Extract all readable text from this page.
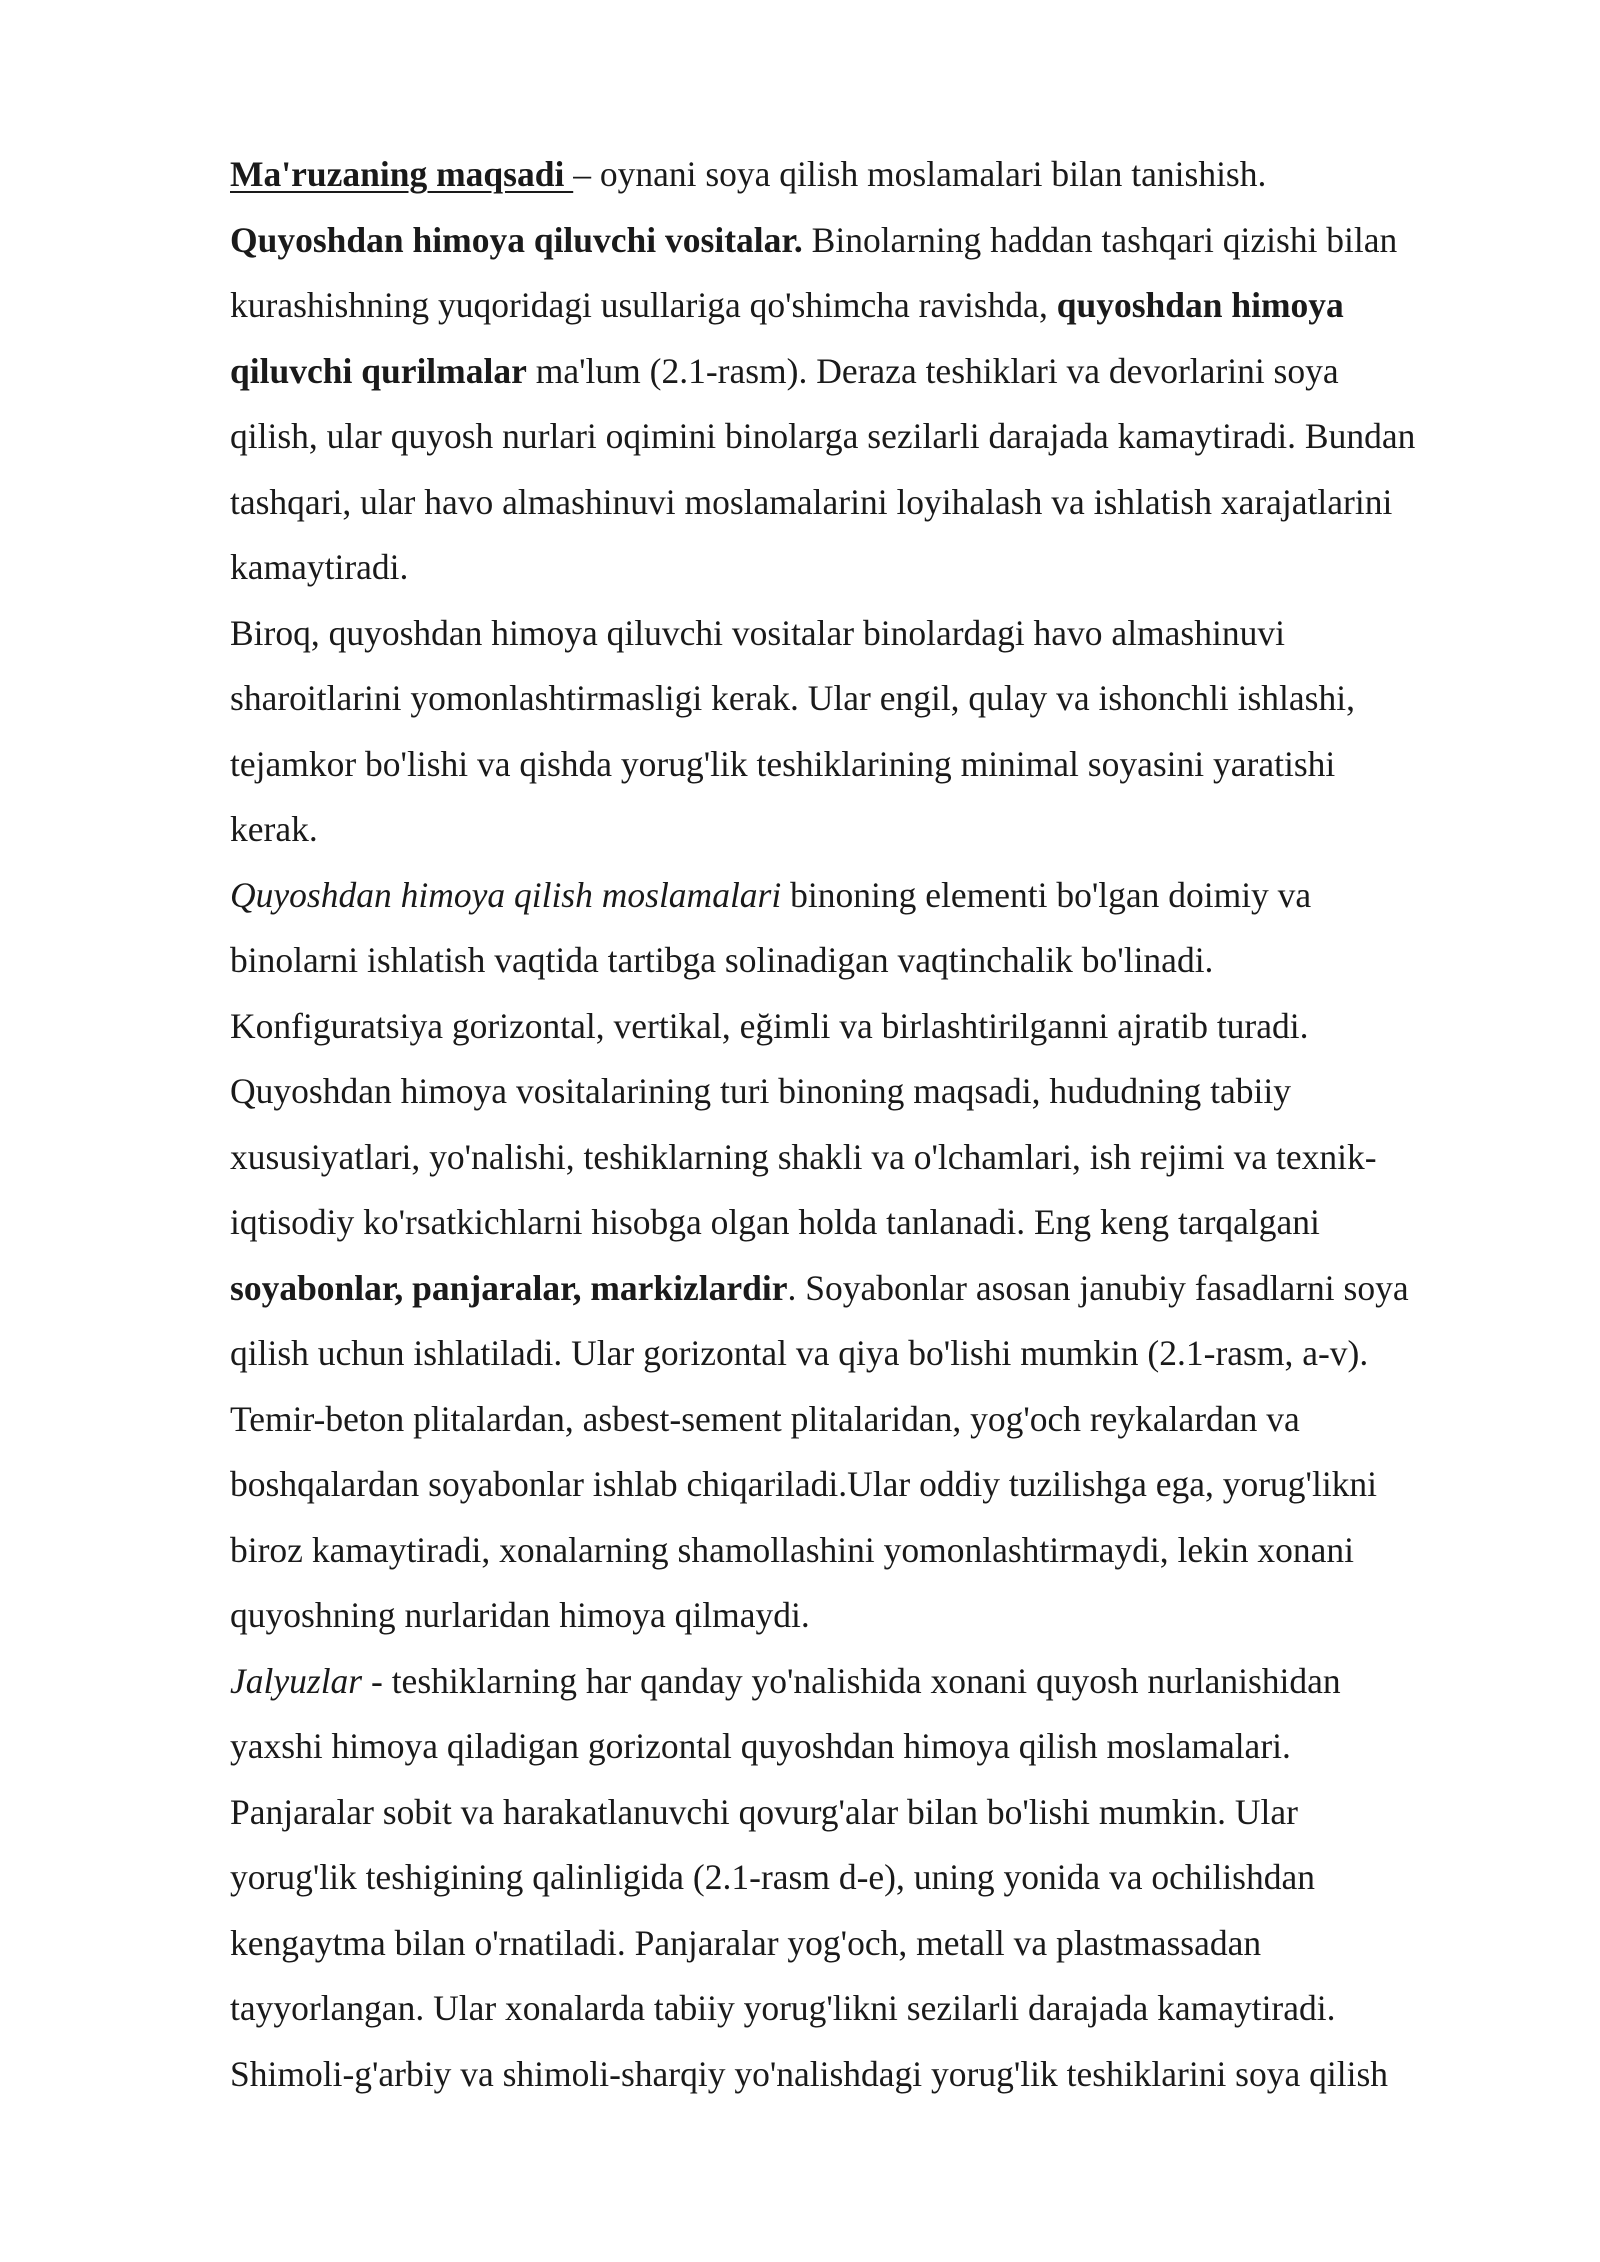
Ma'ruzaning maqsadi – oynani soya qilish moslamalari bilan tanishish.
Quyoshdan himoya qiluvchi vositalar. Binolarning haddan tashqari qizishi bilan
kurashishning yuqoridagi usullariga qo'shimcha ravishda, quyoshdan himoya
qiluvchi qurilmalar ma'lum (2.1-rasm). Deraza teshiklari va devorlarini soya
qilish, ular quyosh nurlari oqimini binolarga sezilarli darajada kamaytiradi. Bundan
tashqari, ular havo almashinuvi moslamalarini loyihalash va ishlatish xarajatlarini
kamaytiradi.
Biroq, quyoshdan himoya qiluvchi vositalar binolardagi havo almashinuvi
sharoitlarini yomonlashtirmasligi kerak. Ular engil, qulay va ishonchli ishlashi,
tejamkor bo'lishi va qishda yorug'lik teshiklarining minimal soyasini yaratishi
kerak.
Quyoshdan himoya qilish moslamalari binoning elementi bo'lgan doimiy va
binolarni ishlatish vaqtida tartibga solinadigan vaqtinchalik bo'linadi.
Konfiguratsiya gorizontal, vertikal, eğimli va birlashtirilganni ajratib turadi.
Quyoshdan himoya vositalarining turi binoning maqsadi, hududning tabiiy
xususiyatlari, yo'nalishi, teshiklarning shakli va o'lchamlari, ish rejimi va texnik-
iqtisodiy ko'rsatkichlarni hisobga olgan holda tanlanadi. Eng keng tarqalgani
soyabonlar, panjaralar, markizlardir. Soyabonlar asosan janubiy fasadlarni soya
qilish uchun ishlatiladi. Ular gorizontal va qiya bo'lishi mumkin (2.1-rasm, a-v).
Temir-beton plitalardan, asbest-sement plitalaridan, yog'och reykalardan va
boshqalardan soyabonlar ishlab chiqariladi.Ular oddiy tuzilishga ega, yorug'likni
biroz kamaytiradi, xonalarning shamollashini yomonlashtirmaydi, lekin xonani
quyoshning nurlaridan himoya qilmaydi.
Jalyuzlar - teshiklarning har qanday yo'nalishida xonani quyosh nurlanishidan
yaxshi himoya qiladigan gorizontal quyoshdan himoya qilish moslamalari.
Panjaralar sobit va harakatlanuvchi qovurg'alar bilan bo'lishi mumkin. Ular
yorug'lik teshigining qalinligida (2.1-rasm d-e), uning yonida va ochilishdan
kengaytma bilan o'rnatiladi. Panjaralar yog'och, metall va plastmassadan
tayyorlangan. Ular xonalarda tabiiy yorug'likni sezilarli darajada kamaytiradi.
Shimoli-g'arbiy va shimoli-sharqiy yo'nalishdagi yorug'lik teshiklarini soya qilish
